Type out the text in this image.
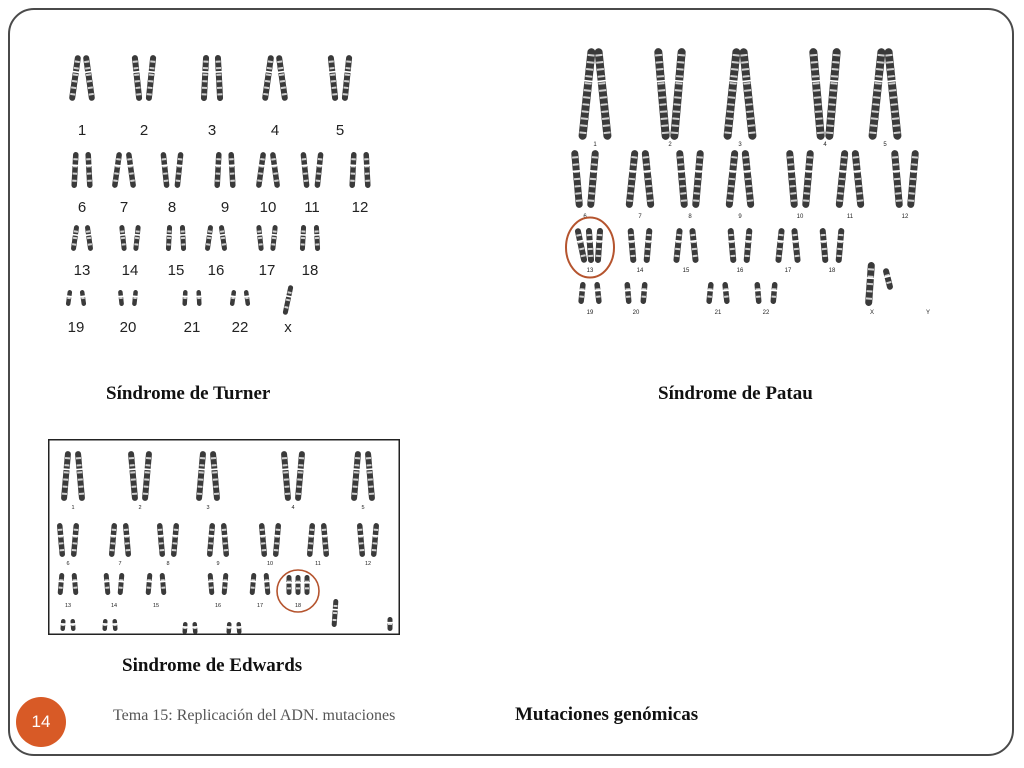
1	2	3	4	5
6 7	8	9 10 11 12
13 14 15 16 17 18
19 20	21 22 x
Síndrome de Turner
1	2	3	4	5
6	7	8	9	10	11	12
13	14	15	16	17	18
19	20	21	22	X	Y
Síndrome de Patau
1	2	3	4	5
6	7	8	9	10	11	12
13	14	15	16	17	18
Sindrome de Edwards
14	Tema 15: Replicación del ADN. mutaciones	Mutaciones genómicas
